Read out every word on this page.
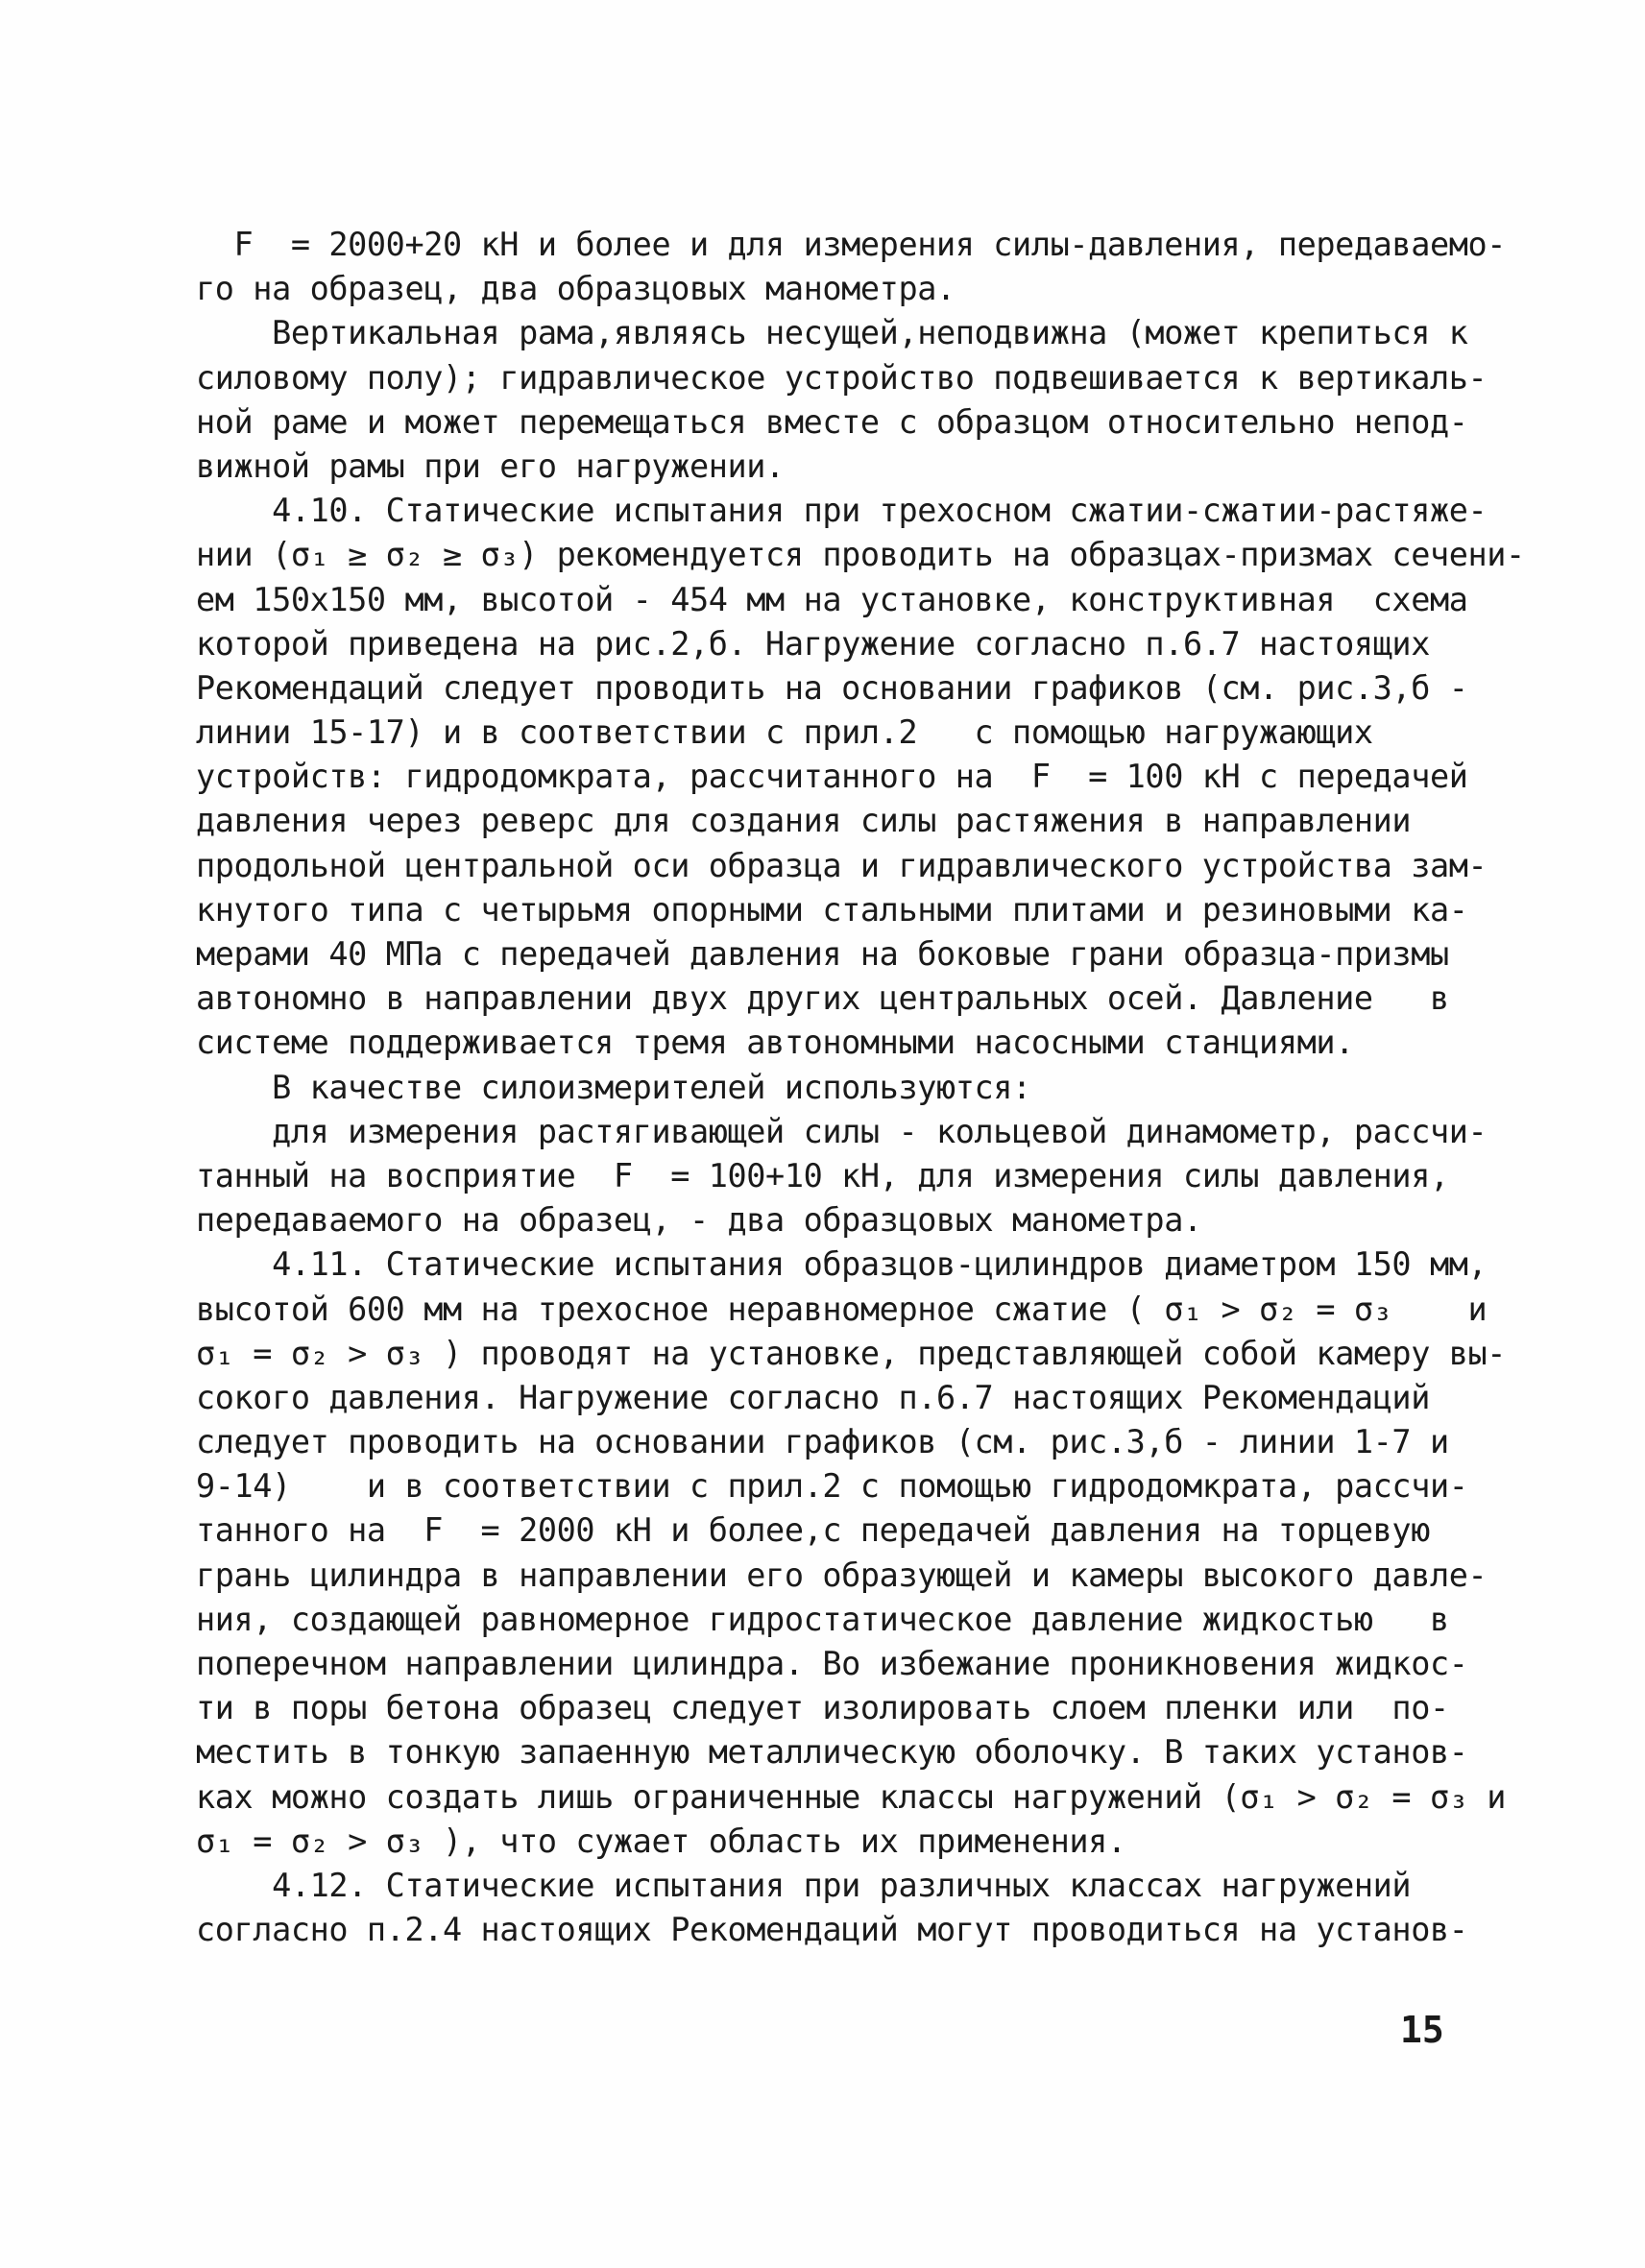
F  = 2000+20 кН и более и для измерения силы-давления, передаваемо-
го на образец, два образцовых манометра.
Вертикальная рама,являясь несущей,неподвижна (может крепиться к
силовому полу); гидравлическое устройство подвешивается к вертикаль-
ной раме и может перемещаться вместе с образцом относительно непод-
вижной рамы при его нагружении.
4.10. Статические испытания при трехосном сжатии-сжатии-растяже-
нии (σ₁ ≥ σ₂ ≥ σ₃) рекомендуется проводить на образцах-призмах сечени-
ем 150х150 мм, высотой - 454 мм на установке, конструктивная  схема
которой приведена на рис.2,б. Нагружение согласно п.6.7 настоящих
Рекомендаций следует проводить на основании графиков (см. рис.3,б -
линии 15-17) и в соответствии с прил.2   с помощью нагружающих
устройств: гидродомкрата, рассчитанного на  F  = 100 кН с передачей
давления через реверс для создания силы растяжения в направлении
продольной центральной оси образца и гидравлического устройства зам-
кнутого типа с четырьмя опорными стальными плитами и резиновыми ка-
мерами 40 МПа с передачей давления на боковые грани образца-призмы
автономно в направлении двух других центральных осей. Давление   в
системе поддерживается тремя автономными насосными станциями.
В качестве силоизмерителей используются:
для измерения растягивающей силы - кольцевой динамометр, рассчи-
танный на восприятие  F  = 100+10 кН, для измерения силы давления,
передаваемого на образец, - два образцовых манометра.
4.11. Статические испытания образцов-цилиндров диаметром 150 мм,
высотой 600 мм на трехосное неравномерное сжатие ( σ₁ > σ₂ = σ₃    и
σ₁ = σ₂ > σ₃ ) проводят на установке, представляющей собой камеру вы-
сокого давления. Нагружение согласно п.6.7 настоящих Рекомендаций
следует проводить на основании графиков (см. рис.3,б - линии 1-7 и
9-14)    и в соответствии с прил.2 с помощью гидродомкрата, рассчи-
танного на  F  = 2000 кН и более,с передачей давления на торцевую
грань цилиндра в направлении его образующей и камеры высокого давле-
ния, создающей равномерное гидростатическое давление жидкостью   в
поперечном направлении цилиндра. Во избежание проникновения жидкос-
ти в поры бетона образец следует изолировать слоем пленки или  по-
местить в тонкую запаенную металлическую оболочку. В таких установ-
ках можно создать лишь ограниченные классы нагружений (σ₁ > σ₂ = σ₃ и
σ₁ = σ₂ > σ₃ ), что сужает область их применения.
4.12. Статические испытания при различных классах нагружений
согласно п.2.4 настоящих Рекомендаций могут проводиться на установ-
15
